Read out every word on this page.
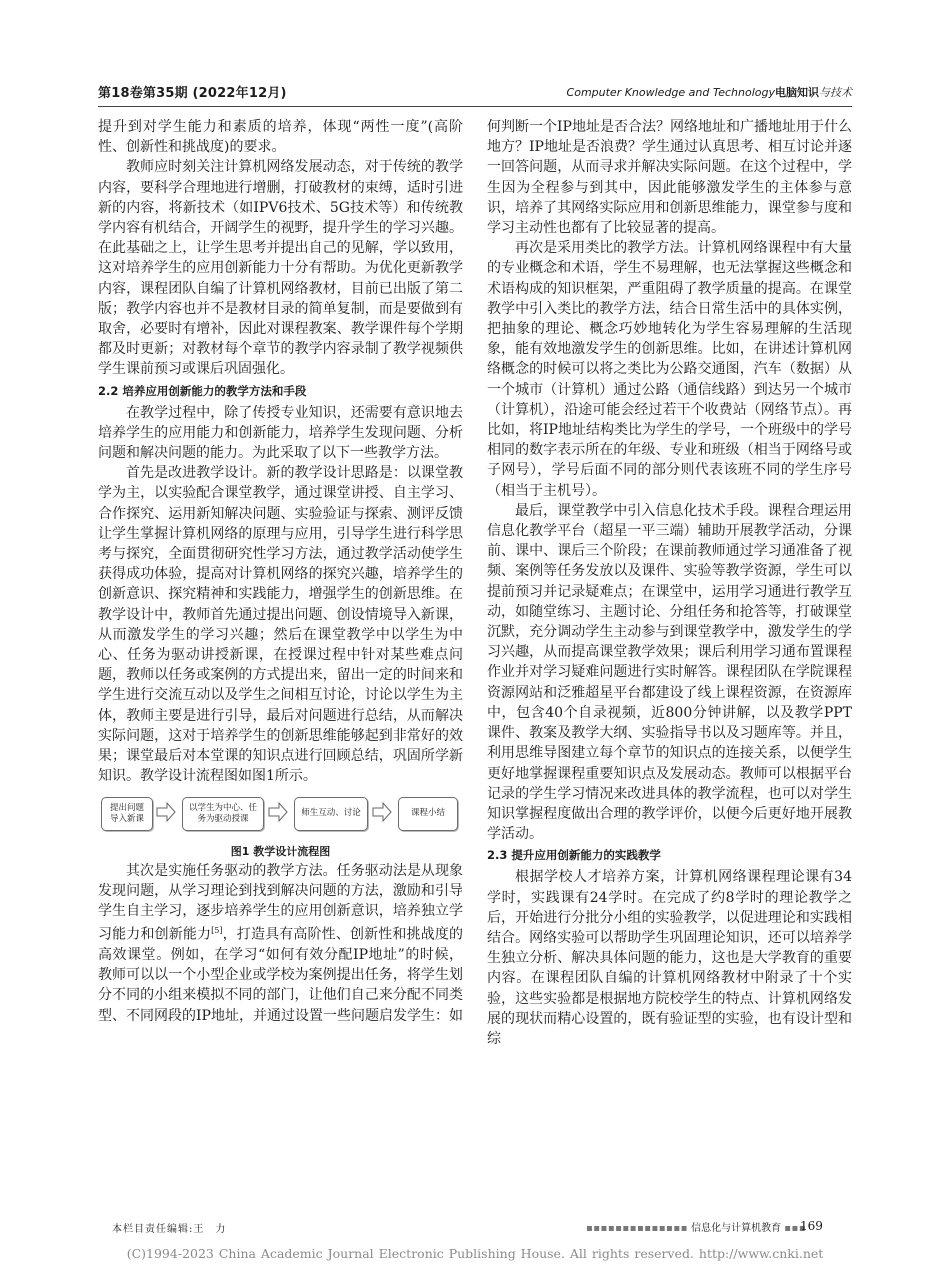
第18卷第35期 (2022年12月)	Computer Knowledge and Technology电脑知识与技术

提升到对学生能力和素质的培养，体现“两性一度”(高阶性、创新性和挑战度)的要求。

教师应时刻关注计算机网络发展动态，对于传统的教学内容，要科学合理地进行增删，打破教材的束缚，适时引进新的内容，将新技术（如IPV6技术、5G技术等）和传统教学内容有机结合，开阔学生的视野，提升学生的学习兴趣。在此基础之上，让学生思考并提出自己的见解，学以致用，这对培养学生的应用创新能力十分有帮助。为优化更新教学内容，课程团队自编了计算机网络教材，目前已出版了第二版；教学内容也并不是教材目录的简单复制，而是要做到有取舍，必要时有增补，因此对课程教案、教学课件每个学期都及时更新；对教材每个章节的教学内容录制了教学视频供学生课前预习或课后巩固强化。

2.2 培养应用创新能力的教学方法和手段

在教学过程中，除了传授专业知识，还需要有意识地去培养学生的应用能力和创新能力，培养学生发现问题、分析问题和解决问题的能力。为此采取了以下一些教学方法。

首先是改进教学设计。新的教学设计思路是：以课堂教学为主，以实验配合课堂教学，通过课堂讲授、自主学习、合作探究、运用新知解决问题、实验验证与探索、测评反馈让学生掌握计算机网络的原理与应用，引导学生进行科学思考与探究，全面贯彻研究性学习方法，通过教学活动使学生获得成功体验，提高对计算机网络的探究兴趣，培养学生的创新意识、探究精神和实践能力，增强学生的创新思维。在教学设计中，教师首先通过提出问题、创设情境导入新课，从而激发学生的学习兴趣；然后在课堂教学中以学生为中心、任务为驱动讲授新课，在授课过程中针对某些难点问题，教师以任务或案例的方式提出来，留出一定的时间来和学生进行交流互动以及学生之间相互讨论，讨论以学生为主体，教师主要是进行引导，最后对问题进行总结，从而解决实际问题，这对于培养学生的创新思维能够起到非常好的效果；课堂最后对本堂课的知识点进行回顾总结，巩固所学新知识。教学设计流程图如图1所示。

提出问题
导入新课
以学生为中心、任
务为驱动授课
师生互动、讨论	课程小结
图1 教学设计流程图

其次是实施任务驱动的教学方法。任务驱动法是从现象发现问题，从学习理论到找到解决问题的方法，激励和引导学生自主学习，逐步培养学生的应用创新意识，培养独立学习能力和创新能力[5]，打造具有高阶性、创新性和挑战度的高效课堂。例如，在学习“如何有效分配IP地址”的时候，教师可以以一个小型企业或学校为案例提出任务，将学生划分不同的小组来模拟不同的部门，让他们自己来分配不同类型、不同网段的IP地址，并通过设置一些问题启发学生：如

何判断一个IP地址是否合法？网络地址和广播地址用于什么地方？IP地址是否浪费？学生通过认真思考、相互讨论并逐一回答问题，从而寻求并解决实际问题。在这个过程中，学生因为全程参与到其中，因此能够激发学生的主体参与意识，培养了其网络实际应用和创新思维能力，课堂参与度和学习主动性也都有了比较显著的提高。

再次是采用类比的教学方法。计算机网络课程中有大量的专业概念和术语，学生不易理解，也无法掌握这些概念和术语构成的知识框架，严重阻碍了教学质量的提高。在课堂教学中引入类比的教学方法，结合日常生活中的具体实例，把抽象的理论、概念巧妙地转化为学生容易理解的生活现象，能有效地激发学生的创新思维。比如，在讲述计算机网络概念的时候可以将之类比为公路交通图，汽车（数据）从一个城市（计算机）通过公路（通信线路）到达另一个城市（计算机），沿途可能会经过若干个收费站（网络节点）。再比如，将IP地址结构类比为学生的学号，一个班级中的学号相同的数字表示所在的年级、专业和班级（相当于网络号或子网号），学号后面不同的部分则代表该班不同的学生序号（相当于主机号）。

最后，课堂教学中引入信息化技术手段。课程合理运用信息化教学平台（超星一平三端）辅助开展教学活动，分课前、课中、课后三个阶段；在课前教师通过学习通准备了视频、案例等任务发放以及课件、实验等教学资源，学生可以提前预习并记录疑难点；在课堂中，运用学习通进行教学互动，如随堂练习、主题讨论、分组任务和抢答等，打破课堂沉默，充分调动学生主动参与到课堂教学中，激发学生的学习兴趣，从而提高课堂教学效果；课后利用学习通布置课程作业并对学习疑难问题进行实时解答。课程团队在学院课程资源网站和泛雅超星平台都建设了线上课程资源，在资源库中，包含40个自录视频，近800分钟讲解，以及教学PPT课件、教案及教学大纲、实验指导书以及习题库等。并且，利用思维导图建立每个章节的知识点的连接关系，以便学生更好地掌握课程重要知识点及发展动态。教师可以根据平台记录的学生学习情况来改进具体的教学流程，也可以对学生知识掌握程度做出合理的教学评价，以便今后更好地开展教学活动。

2.3 提升应用创新能力的实践教学

根据学校人才培养方案，计算机网络课程理论课有34学时，实践课有24学时。在完成了约8学时的理论教学之后，开始进行分批分小组的实验教学，以促进理论和实践相结合。网络实验可以帮助学生巩固理论知识，还可以培养学生独立分析、解决具体问题的能力，这也是大学教育的重要内容。在课程团队自编的计算机网络教材中附录了十个实验，这些实验都是根据地方院校学生的特点、计算机网络发展的现状而精心设置的，既有验证型的实验，也有设计型和综

本栏目责任编辑:王　力	▪▪▪▪▪▪▪▪▪▪▪▪▪▪ 信息化与计算机教育 ▪▪▪
169
(C)1994-2023 China Academic Journal Electronic Publishing House. All rights reserved. http://www.cnki.net
